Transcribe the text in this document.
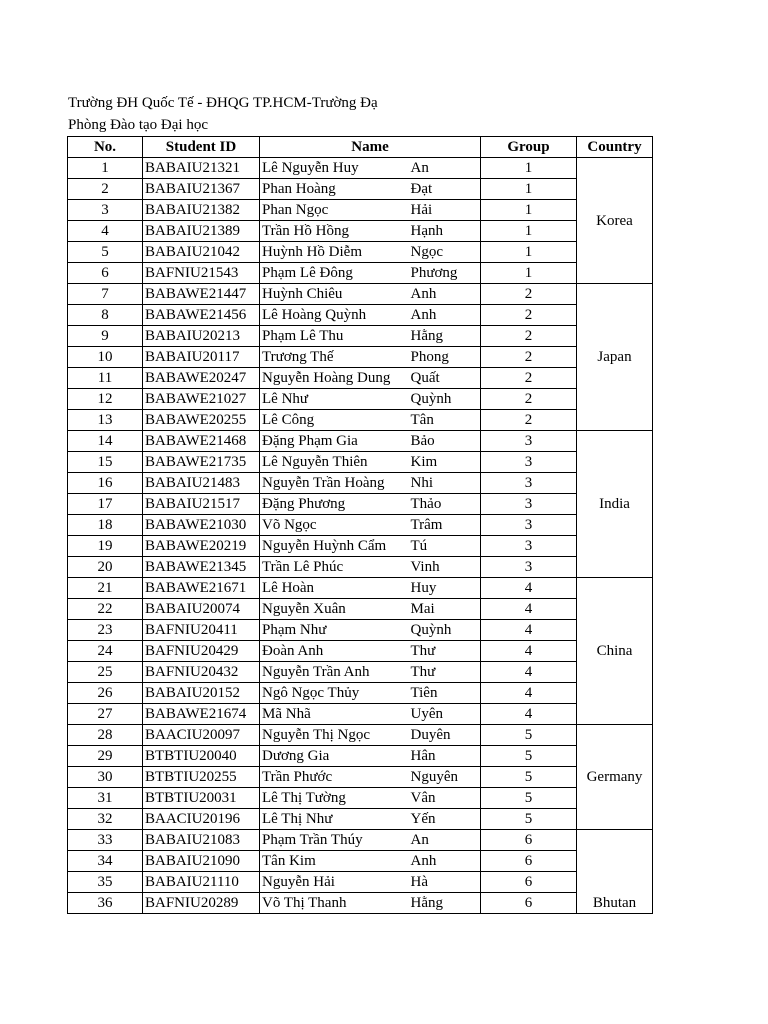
Trường ĐH Quốc Tế - ĐHQG TP.HCM-Trường Đạ
Phòng Đào tạo Đại học
No.	Student ID	Name		Group	Country
1	BABAIU21321	Lê Nguyễn Huy	An	1	Korea
2	BABAIU21367	Phan Hoàng	Đạt	1	
3	BABAIU21382	Phan Ngọc	Hải	1	
4	BABAIU21389	Trần Hồ Hồng	Hạnh	1	
5	BABAIU21042	Huỳnh Hồ Diễm	Ngọc	1	
6	BAFNIU21543	Phạm Lê Đông	Phương	1	
7	BABAWE21447	Huỳnh Chiêu	Anh	2	Japan
8	BABAWE21456	Lê Hoàng Quỳnh	Anh	2	
9	BABAIU20213	Phạm Lê Thu	Hằng	2	
10	BABAIU20117	Trương Thế	Phong	2	
11	BABAWE20247	Nguyễn Hoàng Dung	Quất	2	
12	BABAWE21027	Lê Như	Quỳnh	2	
13	BABAWE20255	Lê Công	Tân	2	
14	BABAWE21468	Đặng Phạm Gia	Bảo	3	India
15	BABAWE21735	Lê Nguyễn Thiên	Kim	3	
16	BABAIU21483	Nguyễn Trần Hoàng	Nhi	3	
17	BABAIU21517	Đặng Phương	Thảo	3	
18	BABAWE21030	Võ Ngọc	Trâm	3	
19	BABAWE20219	Nguyễn Huỳnh Cẩm	Tú	3	
20	BABAWE21345	Trần Lê Phúc	Vinh	3	
21	BABAWE21671	Lê Hoàn	Huy	4	China
22	BABAIU20074	Nguyễn Xuân	Mai	4	
23	BAFNIU20411	Phạm Như	Quỳnh	4	
24	BAFNIU20429	Đoàn Anh	Thư	4	
25	BAFNIU20432	Nguyễn Trần Anh	Thư	4	
26	BABAIU20152	Ngô Ngọc Thủy	Tiên	4	
27	BABAWE21674	Mã Nhã	Uyên	4	
28	BAACIU20097	Nguyễn Thị Ngọc	Duyên	5	Germany
29	BTBTIU20040	Dương Gia	Hân	5	
30	BTBTIU20255	Trần Phước	Nguyên	5	
31	BTBTIU20031	Lê Thị Tường	Vân	5	
32	BAACIU20196	Lê Thị Như	Yến	5	
33	BABAIU21083	Phạm Trần Thúy	An	6	Bhutan
34	BABAIU21090	Tân Kim	Anh	6	
35	BABAIU21110	Nguyễn Hải	Hà	6	
36	BAFNIU20289	Võ Thị Thanh	Hằng	6	
